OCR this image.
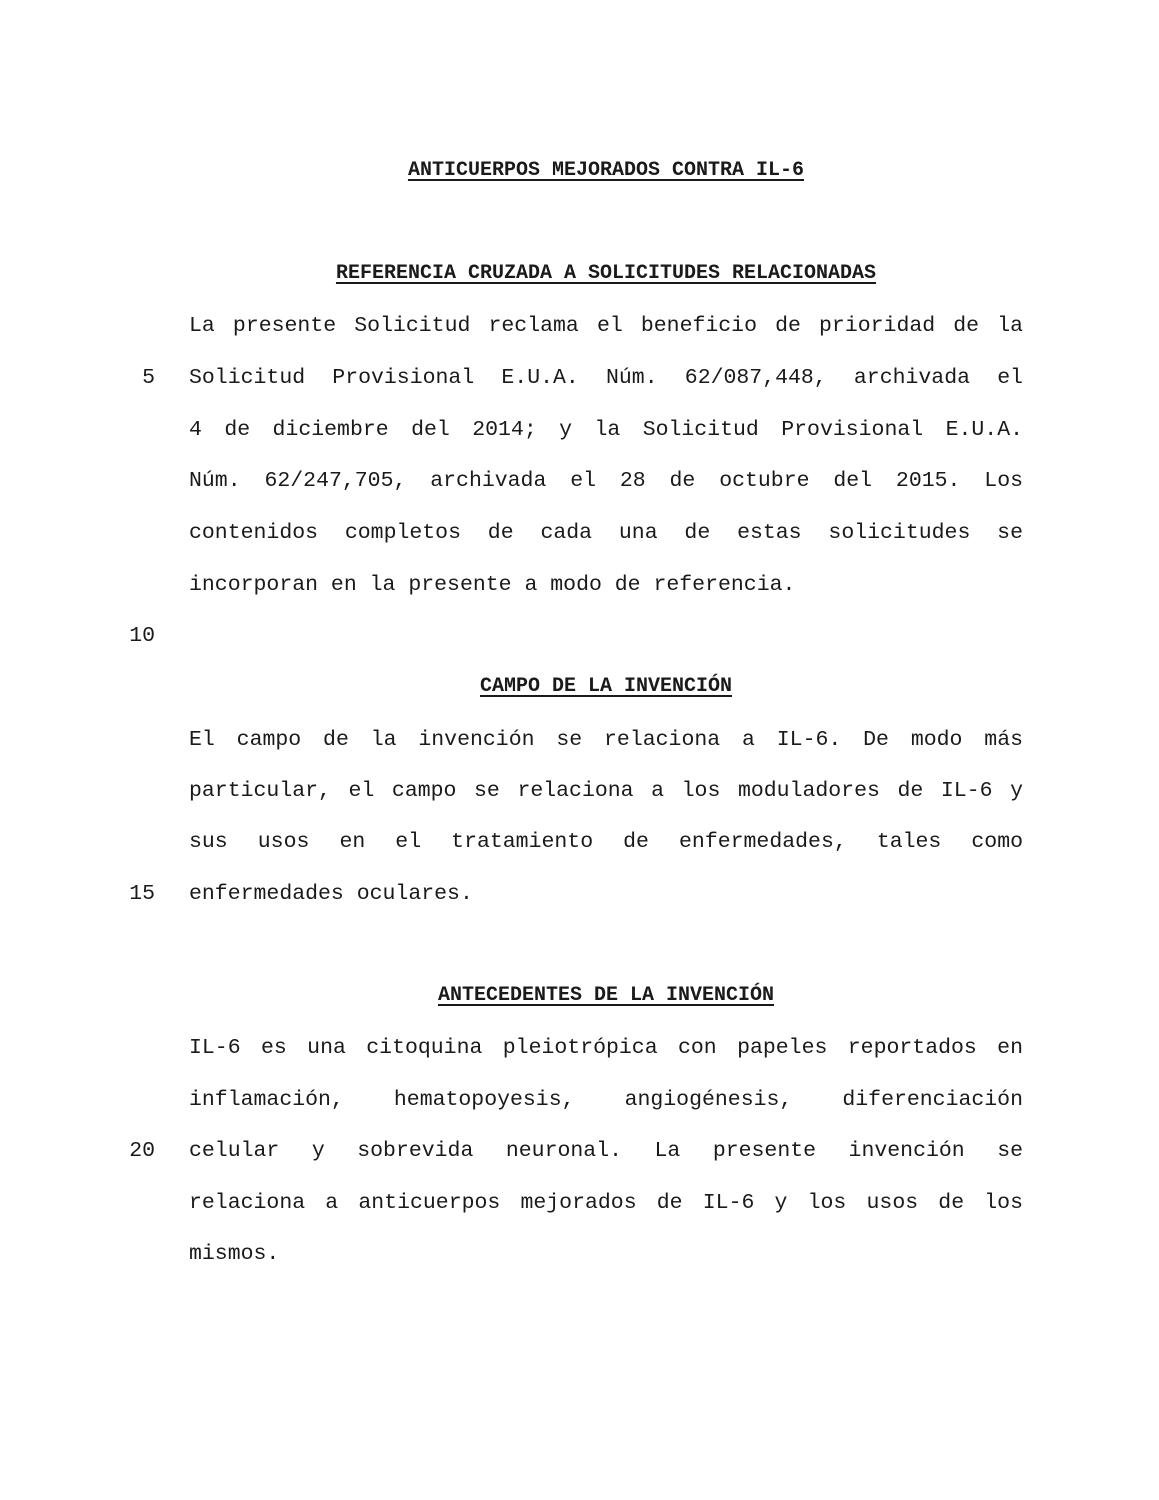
ANTICUERPOS MEJORADOS CONTRA IL-6
REFERENCIA CRUZADA A SOLICITUDES RELACIONADAS
La presente Solicitud reclama el beneficio de prioridad de la
5 Solicitud Provisional E.U.A. Núm. 62/087,448, archivada el
4 de diciembre del 2014; y la Solicitud Provisional E.U.A.
Núm. 62/247,705, archivada el 28 de octubre del 2015. Los
contenidos completos de cada una de estas solicitudes se
incorporan en la presente a modo de referencia.
10
CAMPO DE LA INVENCIÓN
El campo de la invención se relaciona a IL-6. De modo más
particular, el campo se relaciona a los moduladores de IL-6 y
sus usos en el tratamiento de enfermedades, tales como
15 enfermedades oculares.
ANTECEDENTES DE LA INVENCIÓN
IL-6 es una citoquina pleiotrópica con papeles reportados en
inflamación, hematopoyesis, angiogénesis, diferenciación
20 celular y sobrevida neuronal. La presente invención se
relaciona a anticuerpos mejorados de IL-6 y los usos de los
mismos.
